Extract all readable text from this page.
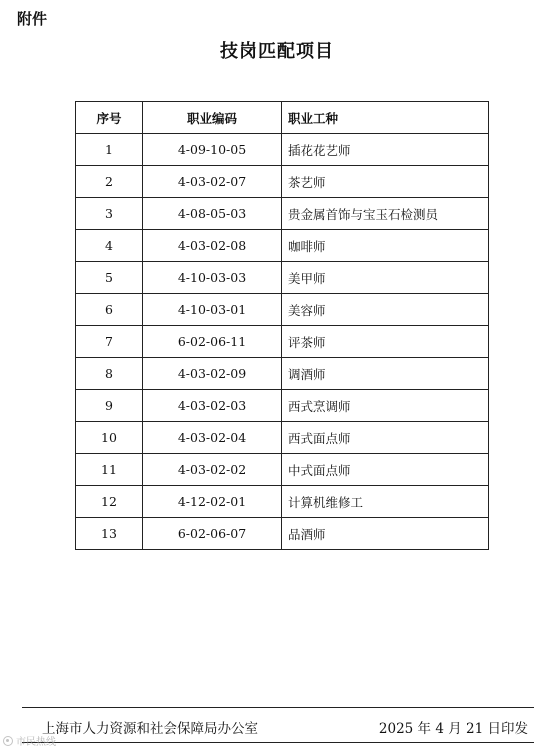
附件
技岗匹配项目
序号	职业编码	职业工种
1	4-09-10-05	插花花艺师
2	4-03-02-07	茶艺师
3	4-08-05-03	贵金属首饰与宝玉石检测员
4	4-03-02-08	咖啡师
5	4-10-03-03	美甲师
6	4-10-03-01	美容师
7	6-02-06-11	评茶师
8	4-03-02-09	调酒师
9	4-03-02-03	西式烹调师
10	4-03-02-04	西式面点师
11	4-03-02-02	中式面点师
12	4-12-02-01	计算机维修工
13	6-02-06-07	品酒师
上海市人力资源和社会保障局办公室	2025 年 4 月 21 日印发
市民热线
